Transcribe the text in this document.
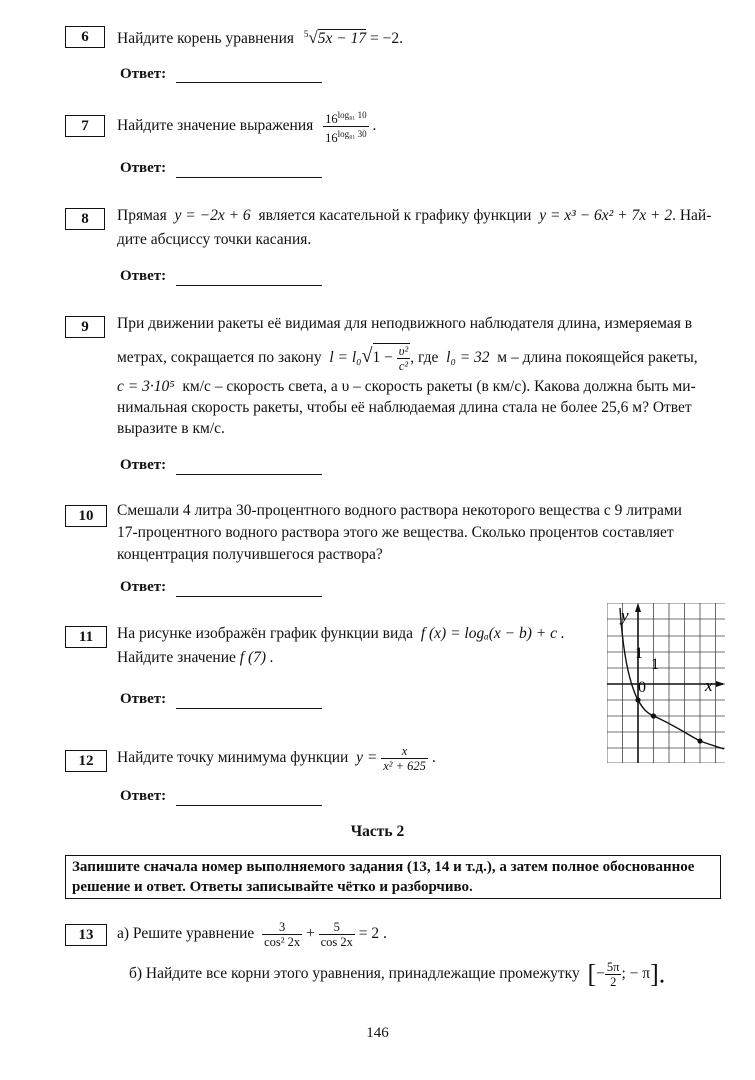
6	Найдите корень уравнения $^5$√5x − 17 = −2.
Ответ:
7	Найдите значение выражения $\frac{16^{log_{81} 10}}{16^{log_{81} 30}}$ .
Ответ:
8	Прямая y = −2x + 6 является касательной к графику функции y = x³ − 6x² + 7x + 2. Най-
дите абсциссу точки касания.
Ответ:
9	При движении ракеты её видимая для неподвижного наблюдателя длина, измеряемая в
метрах, сокращается по закону $l = l_0√1 - \frac{\text{υ²}}{\text{c²}}$ , где l₀ = 32 м – длина покоящейся ракеты,
c = 3·10⁵ км/с – скорость света, а υ – скорость ракеты (в км/с). Какова должна быть ми-
нимальная скорость ракеты, чтобы её наблюдаемая длина стала не более 25,6 м? Ответ
выразите в км/с.
Ответ:
10	Смешали 4 литра 30-процентного водного раствора некоторого вещества с 9 литрами
17-процентного водного раствора этого же вещества. Сколько процентов составляет
концентрация получившегося раствора?
Ответ:
11	На рисунке изображён график функции вида f (x) = logₐ(x − b) + c .
Найдите значение f (7) .
Ответ:
y
x
1
1
0
12	Найдите точку минимума функции $y = \frac{x}{\text{x² + 625}}$ .
Ответ:
Часть 2
Запишите сначала номер выполняемого задания (13, 14 и т.д.), а затем полное обоснованное решение и ответ. Ответы записывайте чётко и разборчиво.
13	а) Решите уравнение $\frac{3}{\text{cos² 2x}} + \frac{5}{\cos 2x} = 2$ .
б) Найдите все корни этого уравнения, принадлежащие промежутку [− $\frac{5\pi}{2}$ ; − π].
146
